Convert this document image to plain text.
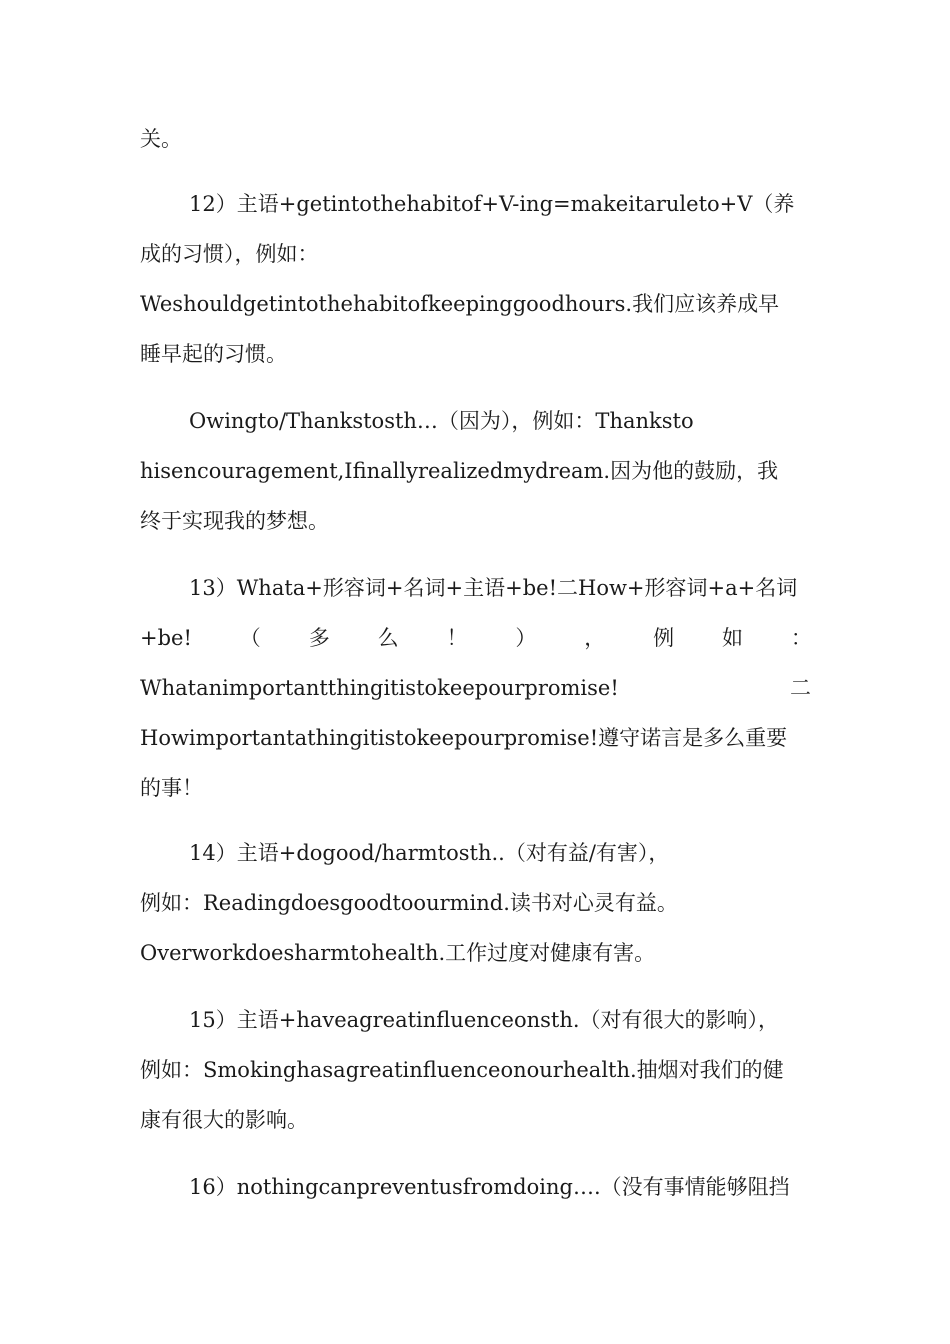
关。
12）主语+getintothehabitof+V-ing=makeitaruleto+V（养
成的习惯），例如：
Weshouldgetintothehabitofkeepinggoodhours.我们应该养成早
睡早起的习惯。
Owingto/Thankstosth…（因为），例如：Thanksto
hisencouragement,Ifinallyrealizedmydream.因为他的鼓励，我
终于实现我的梦想。
13）Whata+形容词+名词+主语+be!二How+形容词+a+名词
+be! （ 多 么 ！ ） ， 例 如 ：
Whatanimportantthingitistokeepourpromise!	二
Howimportantathingitistokeepourpromise!遵守诺言是多么重要
的事！
14）主语+dogood/harmtosth..（对有益/有害），
例如：Readingdoesgoodtoourmind.读书对心灵有益。
Overworkdoesharmtohealth.工作过度对健康有害。
15）主语+haveagreatinfluenceonsth.（对有很大的影响），
例如：Smokinghasagreatinfluenceonourhealth.抽烟对我们的健
康有很大的影响。
16）nothingcanpreventusfromdoing….（没有事情能够阻挡
